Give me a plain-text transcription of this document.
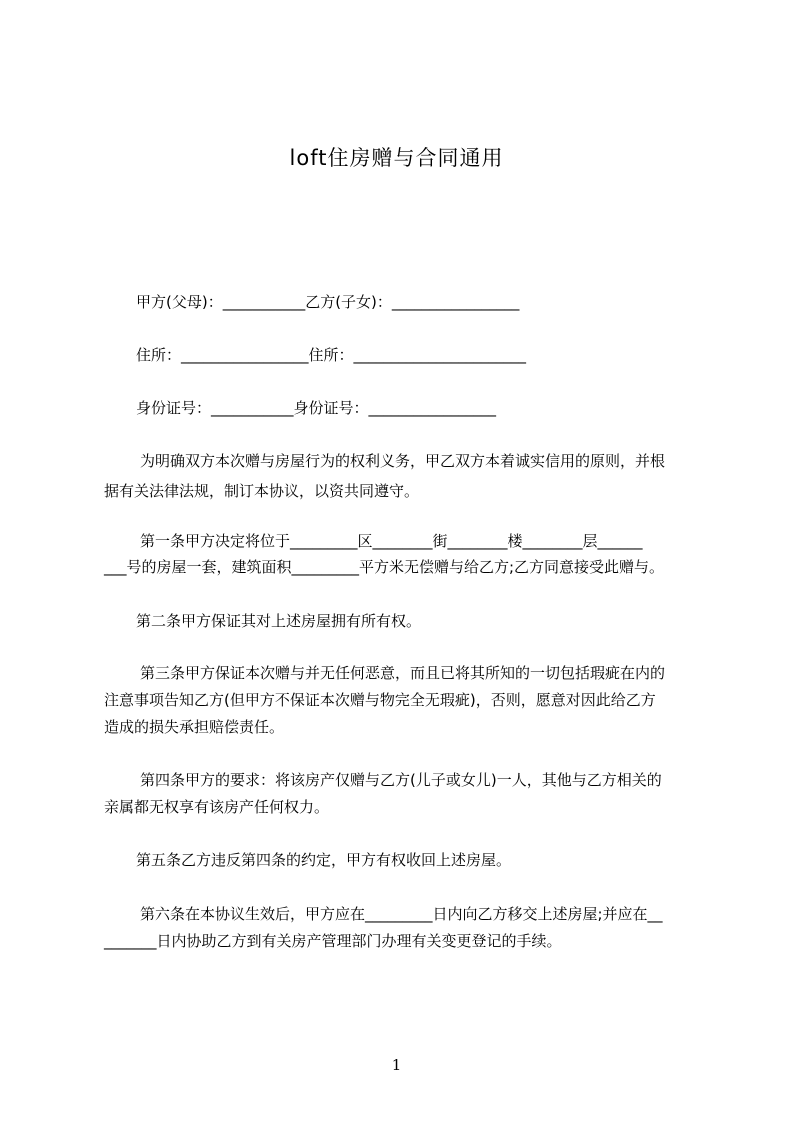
loft住房赠与合同通用
甲方(父母)：___________乙方(子女)：_________________
住所：_________________住所：_______________________
身份证号：___________身份证号：_________________
为明确双方本次赠与房屋行为的权利义务，甲乙双方本着诚实信用的原则，并根
据有关法律法规，制订本协议，以资共同遵守。
第一条甲方决定将位于_________区________街________楼________层______
___号的房屋一套，建筑面积_________平方米无偿赠与给乙方;乙方同意接受此赠与。
第二条甲方保证其对上述房屋拥有所有权。
第三条甲方保证本次赠与并无任何恶意，而且已将其所知的一切包括瑕疵在内的
注意事项告知乙方(但甲方不保证本次赠与物完全无瑕疵)，否则，愿意对因此给乙方
造成的损失承担赔偿责任。
第四条甲方的要求：将该房产仅赠与乙方(儿子或女儿)一人，其他与乙方相关的
亲属都无权享有该房产任何权力。
第五条乙方违反第四条的约定，甲方有权收回上述房屋。
第六条在本协议生效后，甲方应在_________日内向乙方移交上述房屋;并应在__
_______日内协助乙方到有关房产管理部门办理有关变更登记的手续。
1
